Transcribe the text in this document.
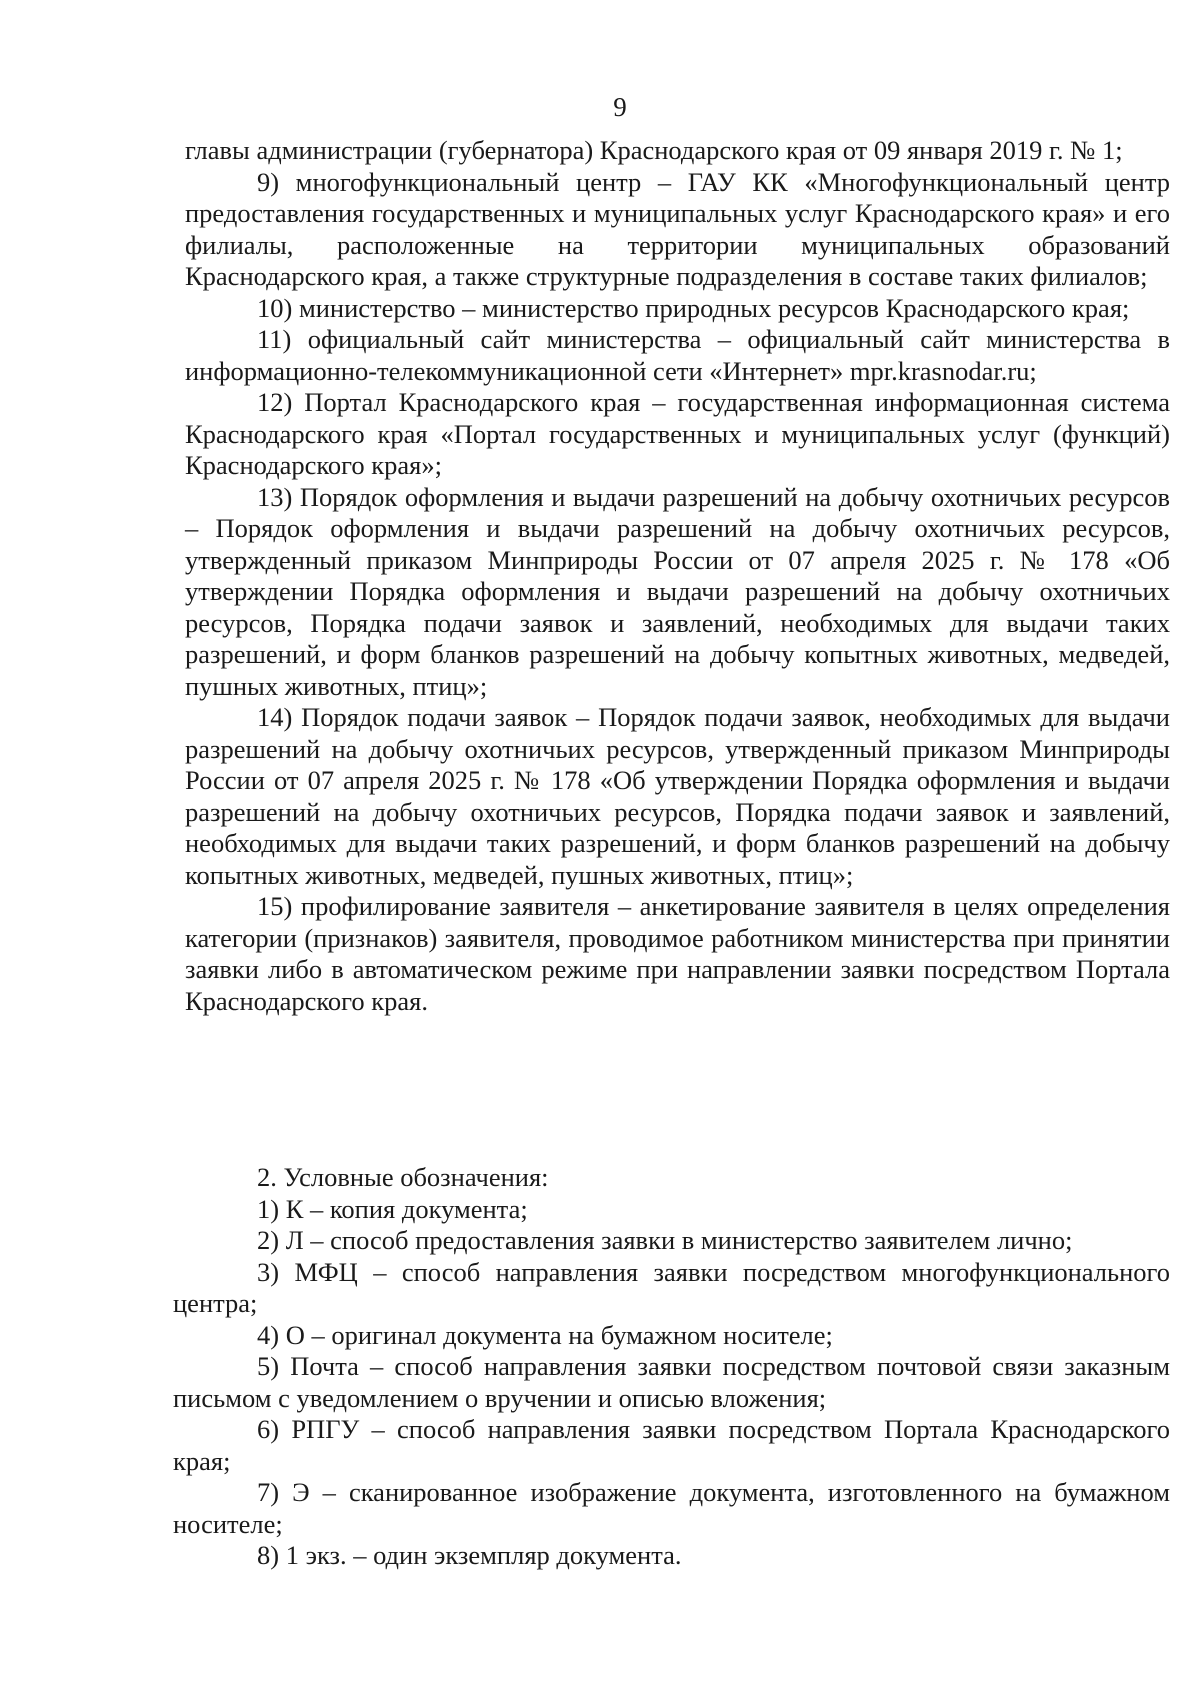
9

главы администрации (губернатора) Краснодарского края от 09 января 2019 г. № 1;

9) многофункциональный центр – ГАУ КК «Многофункциональный центр предоставления государственных и муниципальных услуг Краснодарского края» и его филиалы, расположенные на территории муниципальных образований Краснодарского края, а также структурные подразделения в составе таких филиалов;

10) министерство – министерство природных ресурсов Краснодарского края;

11) официальный сайт министерства – официальный сайт министерства в информационно-телекоммуникационной сети «Интернет» mpr.krasnodar.ru;

12) Портал Краснодарского края – государственная информационная система Краснодарского края «Портал государственных и муниципальных услуг (функций) Краснодарского края»;

13) Порядок оформления и выдачи разрешений на добычу охотничьих ресурсов – Порядок оформления и выдачи разрешений на добычу охотничьих ресурсов, утвержденный приказом Минприроды России от 07 апреля 2025 г. № 178 «Об утверждении Порядка оформления и выдачи разрешений на добычу охотничьих ресурсов, Порядка подачи заявок и заявлений, необходимых для выдачи таких разрешений, и форм бланков разрешений на добычу копытных животных, медведей, пушных животных, птиц»;

14) Порядок подачи заявок – Порядок подачи заявок, необходимых для выдачи разрешений на добычу охотничьих ресурсов, утвержденный приказом Минприроды России от 07 апреля 2025 г. № 178 «Об утверждении Порядка оформления и выдачи разрешений на добычу охотничьих ресурсов, Порядка подачи заявок и заявлений, необходимых для выдачи таких разрешений, и форм бланков разрешений на добычу копытных животных, медведей, пушных животных, птиц»;

15) профилирование заявителя – анкетирование заявителя в целях определения категории (признаков) заявителя, проводимое работником министерства при принятии заявки либо в автоматическом режиме при направлении заявки посредством Портала Краснодарского края.

2. Условные обозначения:

1) К – копия документа;

2) Л – способ предоставления заявки в министерство заявителем лично;

3) МФЦ – способ направления заявки посредством многофункционального центра;

4) О – оригинал документа на бумажном носителе;

5) Почта – способ направления заявки посредством почтовой связи заказным письмом с уведомлением о вручении и описью вложения;

6) РПГУ – способ направления заявки посредством Портала Краснодарского края;

7) Э – сканированное изображение документа, изготовленного на бумажном носителе;

8) 1 экз. – один экземпляр документа.
